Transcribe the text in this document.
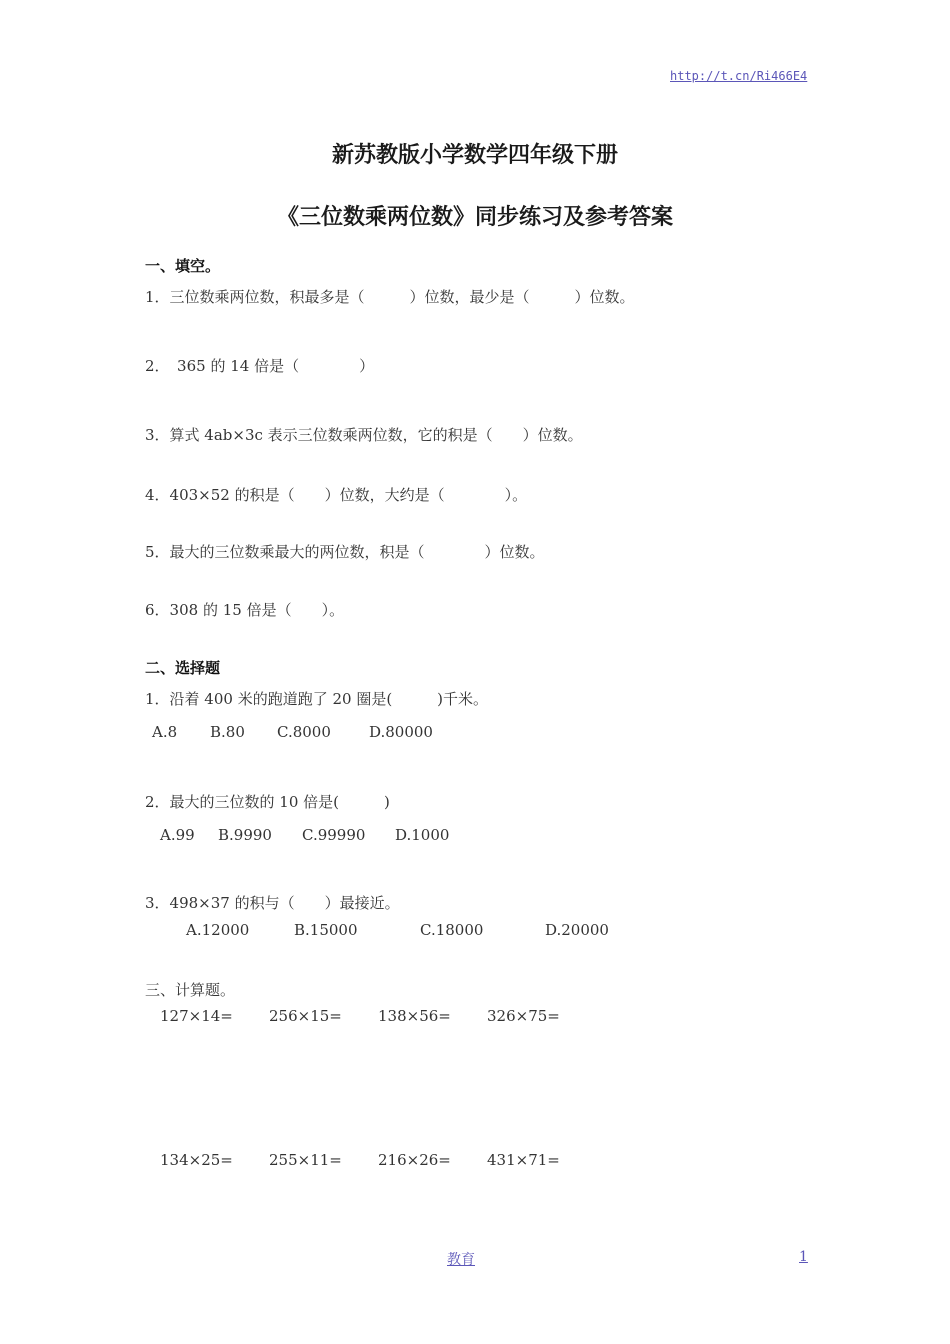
http://t.cn/Ri466E4
新苏教版小学数学四年级下册
《三位数乘两位数》同步练习及参考答案
一、填空。
1．三位数乘两位数，积最多是（　　　）位数，最少是（　　　）位数。
2．　365 的 14 倍是（　　　　）
3．算式 4ab×3c 表示三位数乘两位数，它的积是（　　）位数。
4．403×52 的积是（　　）位数，大约是（　　　　）。
5．最大的三位数乘最大的两位数，积是（　　　　）位数。
6．308 的 15 倍是（　　）。
二、选择题
1．沿着 400 米的跑道跑了 20 圈是(　　　)千米。
A.8 B.80 C.8000	D.80000
2．最大的三位数的 10 倍是(　　　)
A.99 B.9990 C.99990 D.1000
3．498×37 的积与（　　）最接近。
A.12000	B.15000	C.18000	D.20000
三、计算题。
127×14= 256×15= 138×56= 326×75=
134×25= 255×11= 216×26= 431×71=
教育	1
